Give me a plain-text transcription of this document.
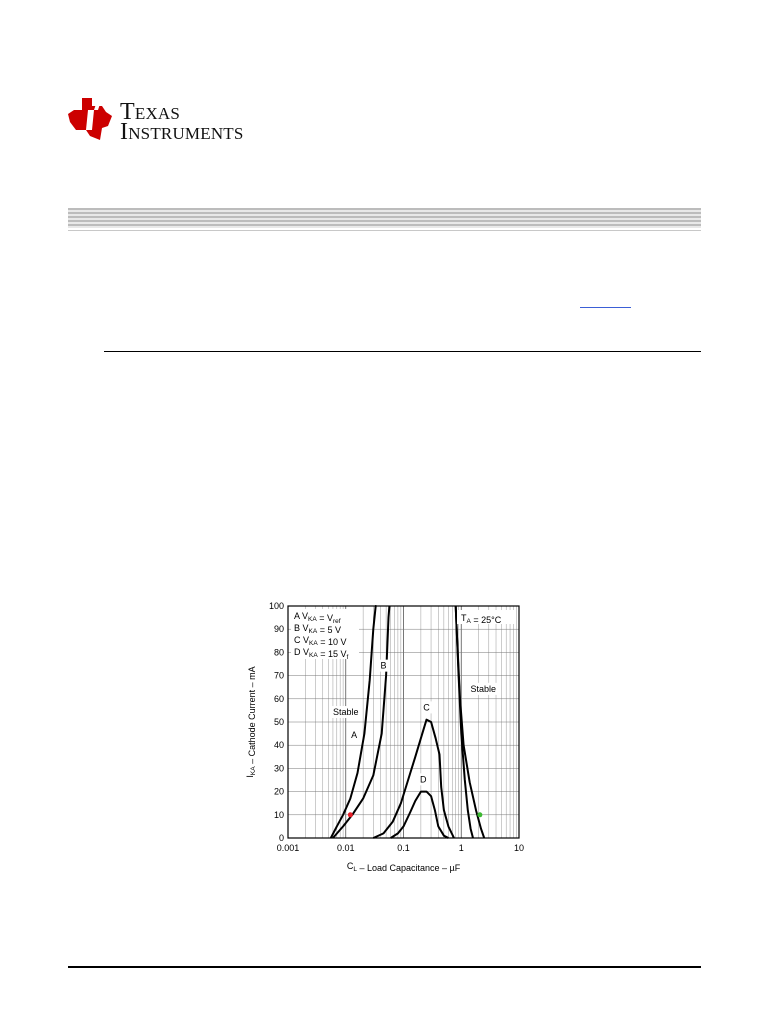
Texas
Instruments
0
10
20
30
40
50
60
70
80
90
100
0.001	0.01	0.1	1	10
$C_L$ – Load Capacitance – µF
$I_{KA}$ – Cathode Current – mA
A $V_{KA} = V_{ref}$
B $V_{KA} = 5$ V
C $V_{KA} = 10$ V
D $V_{KA} = 15$ $V_f$
$T_A = 25^\circ C$
Stable
Stable
A
B
C
D
